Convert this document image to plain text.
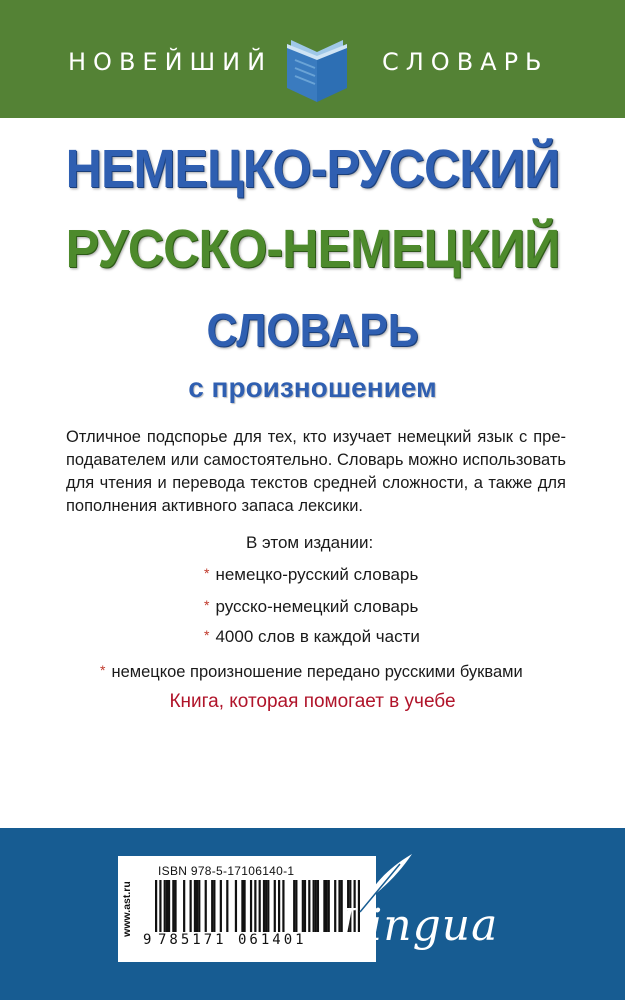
НОВЕЙШИЙ	СЛОВАРЬ
НЕМЕЦКО-РУССКИЙ
РУССКО-НЕМЕЦКИЙ
СЛОВАРЬ
с произношением
Отличное подспорье для тех, кто изучает немецкий язык с пре-
подавателем или самостоятельно. Словарь можно использовать
для чтения и перевода текстов средней сложности, а также для
пополнения активного запаса лексики.
В этом издании:
* немецко-русский словарь
* русско-немецкий словарь
* 4000 слов в каждой части
* немецкое произношение передано русскими буквами
Книга, которая помогает в учебе
www.ast.ru
ISBN 978-5-17106140-1
9 785171 061401 Lingua
